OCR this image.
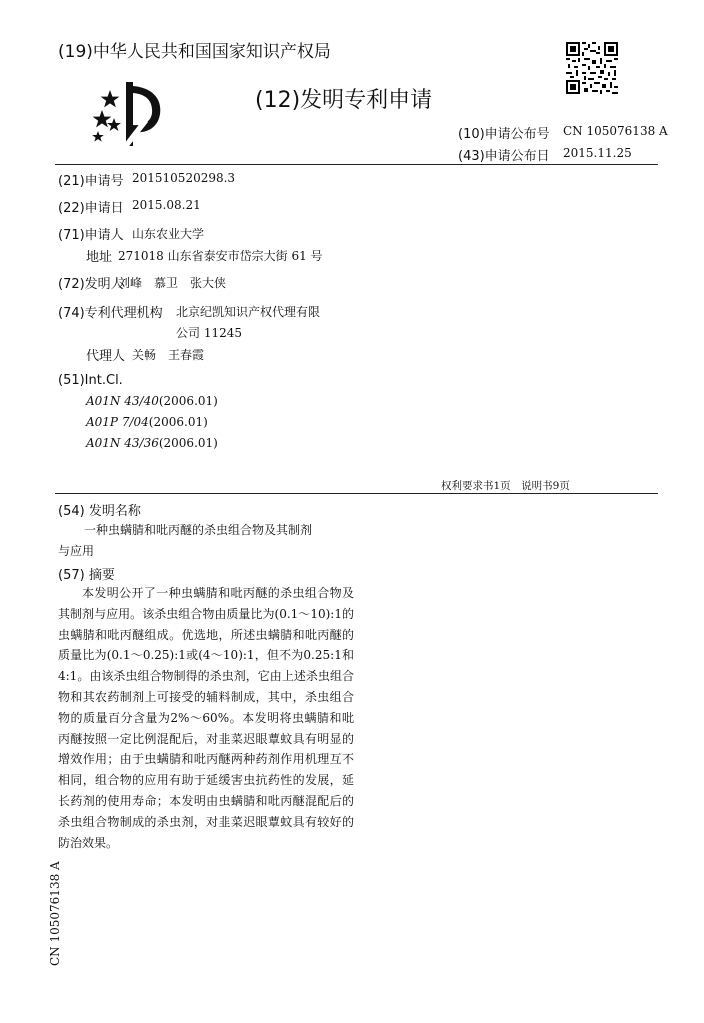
(19)中华人民共和国国家知识产权局
(12)发明专利申请
(10)申请公布号 CN 105076138 A
(43)申请公布日 2015.11.25
(21)申请号 201510520298.3
(22)申请日 2015.08.21
(71)申请人 山东农业大学
地址 271018 山东省泰安市岱宗大街 61 号
(72)发明人
刘峰　慕卫　张大侠
(74)专利代理机构 北京纪凯知识产权代理有限
公司 11245
代理人 关畅　王春霞
(51)Int.Cl.
A01N 43/40(2006.01)
A01P 7/04(2006.01)
A01N 43/36(2006.01)
权利要求书1页　说明书9页
(54) 发明名称
一种虫螨腈和吡丙醚的杀虫组合物及其制剂
与应用
(57) 摘要

本发明公开了一种虫螨腈和吡丙醚的杀虫组合物及其制剂与应用。该杀虫组合物由质量比为(0.1～10):1的虫螨腈和吡丙醚组成。优选地，所述虫螨腈和吡丙醚的质量比为(0.1～0.25):1或(4～10):1，但不为0.25:1和4:1。由该杀虫组合物制得的杀虫剂，它由上述杀虫组合物和其农药制剂上可接受的辅料制成，其中，杀虫组合物的质量百分含量为2%～60%。本发明将虫螨腈和吡丙醚按照一定比例混配后，对韭菜迟眼蕈蚊具有明显的增效作用；由于虫螨腈和吡丙醚两种药剂作用机理互不相同，组合物的应用有助于延缓害虫抗药性的发展，延长药剂的使用寿命；本发明由虫螨腈和吡丙醚混配后的杀虫组合物制成的杀虫剂，对韭菜迟眼蕈蚊具有较好的防治效果。

CN 105076138 A
